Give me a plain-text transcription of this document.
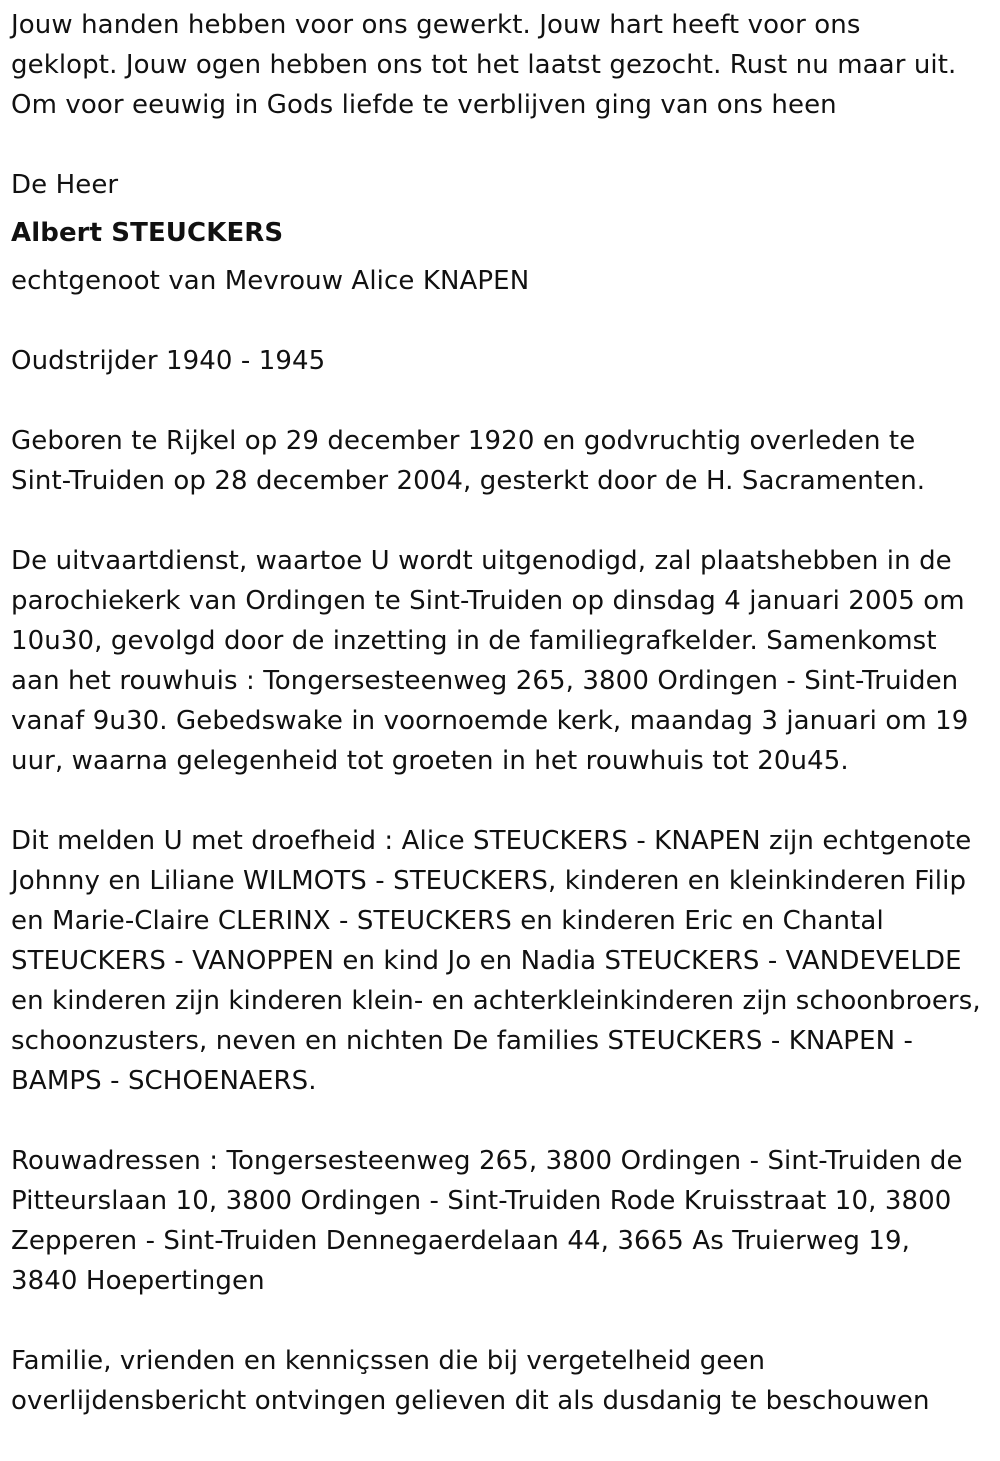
Jouw handen hebben voor ons gewerkt. Jouw hart heeft voor ons
geklopt. Jouw ogen hebben ons tot het laatst gezocht. Rust nu maar uit.
Om voor eeuwig in Gods liefde te verblijven ging van ons heen
De Heer
Albert STEUCKERS
echtgenoot van Mevrouw Alice KNAPEN
Oudstrijder 1940 - 1945
Geboren te Rijkel op 29 december 1920 en godvruchtig overleden te
Sint-Truiden op 28 december 2004, gesterkt door de H. Sacramenten.
De uitvaartdienst, waartoe U wordt uitgenodigd, zal plaatshebben in de
parochiekerk van Ordingen te Sint-Truiden op dinsdag 4 januari 2005 om
10u30, gevolgd door de inzetting in de familiegrafkelder. Samenkomst
aan het rouwhuis : Tongersesteenweg 265, 3800 Ordingen - Sint-Truiden
vanaf 9u30. Gebedswake in voornoemde kerk, maandag 3 januari om 19
uur, waarna gelegenheid tot groeten in het rouwhuis tot 20u45.
Dit melden U met droefheid : Alice STEUCKERS - KNAPEN zijn echtgenote
Johnny en Liliane WILMOTS - STEUCKERS, kinderen en kleinkinderen Filip
en Marie-Claire CLERINX - STEUCKERS en kinderen Eric en Chantal
STEUCKERS - VANOPPEN en kind Jo en Nadia STEUCKERS - VANDEVELDE
en kinderen zijn kinderen klein- en achterkleinkinderen zijn schoonbroers,
schoonzusters, neven en nichten De families STEUCKERS - KNAPEN -
BAMPS - SCHOENAERS.
Rouwadressen : Tongersesteenweg 265, 3800 Ordingen - Sint-Truiden de
Pitteurslaan 10, 3800 Ordingen - Sint-Truiden Rode Kruisstraat 10, 3800
Zepperen - Sint-Truiden Dennegaerdelaan 44, 3665 As Truierweg 19,
3840 Hoepertingen
Familie, vrienden en kenniçssen die bij vergetelheid geen
overlijdensbericht ontvingen gelieven dit als dusdanig te beschouwen
